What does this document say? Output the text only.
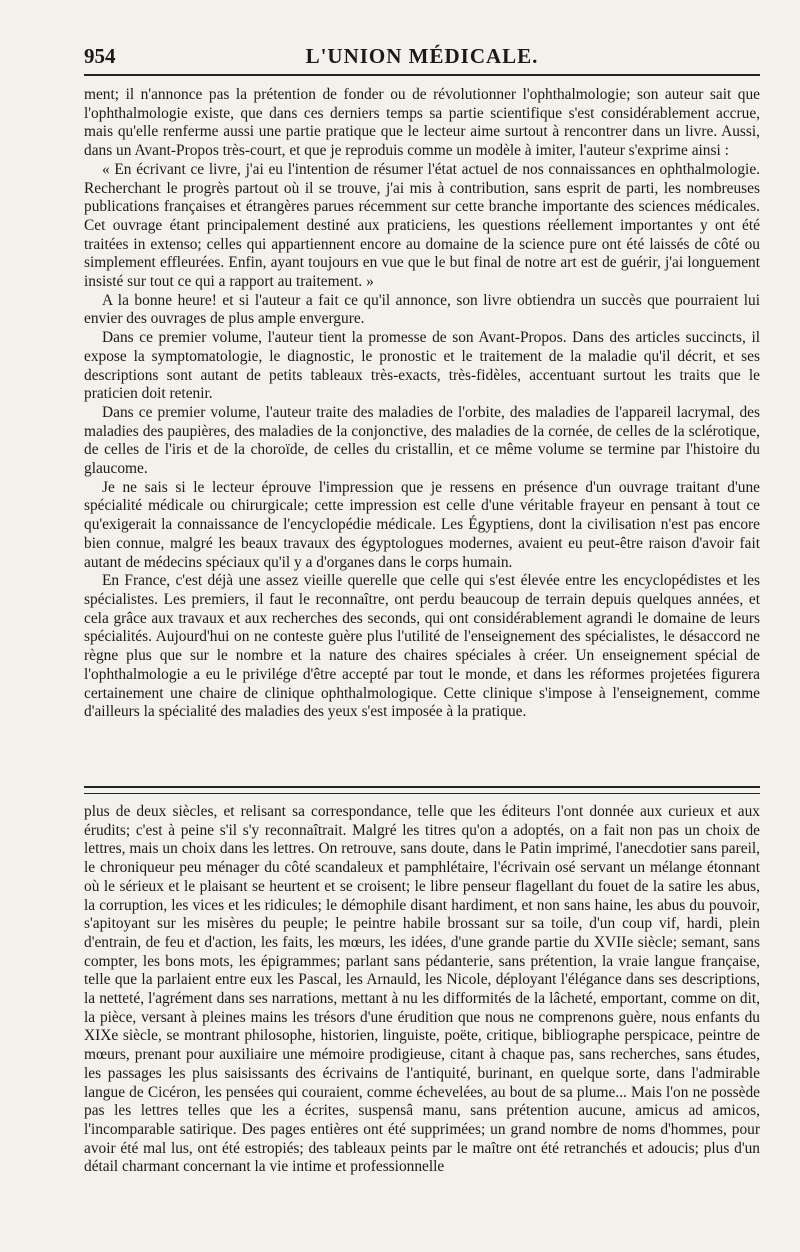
954	L'UNION MÉDICALE.

ment; il n'annonce pas la prétention de fonder ou de révolutionner l'ophthalmologie; son auteur sait que l'ophthalmologie existe, que dans ces derniers temps sa partie scientifique s'est considérablement accrue, mais qu'elle renferme aussi une partie pratique que le lecteur aime surtout à rencontrer dans un livre. Aussi, dans un Avant-Propos très-court, et que je reproduis comme un modèle à imiter, l'auteur s'exprime ainsi :

« En écrivant ce livre, j'ai eu l'intention de résumer l'état actuel de nos connaissances en ophthalmologie. Recherchant le progrès partout où il se trouve, j'ai mis à contribution, sans esprit de parti, les nombreuses publications françaises et étrangères parues récemment sur cette branche importante des sciences médicales. Cet ouvrage étant principalement destiné aux praticiens, les questions réellement importantes y ont été traitées in extenso; celles qui appartiennent encore au domaine de la science pure ont été laissés de côté ou simplement effleurées. Enfin, ayant toujours en vue que le but final de notre art est de guérir, j'ai longuement insisté sur tout ce qui a rapport au traitement. »

A la bonne heure! et si l'auteur a fait ce qu'il annonce, son livre obtiendra un succès que pourraient lui envier des ouvrages de plus ample envergure.

Dans ce premier volume, l'auteur tient la promesse de son Avant-Propos. Dans des articles succincts, il expose la symptomatologie, le diagnostic, le pronostic et le traitement de la maladie qu'il décrit, et ses descriptions sont autant de petits tableaux très-exacts, très-fidèles, accentuant surtout les traits que le praticien doit retenir.

Dans ce premier volume, l'auteur traite des maladies de l'orbite, des maladies de l'appareil lacrymal, des maladies des paupières, des maladies de la conjonctive, des maladies de la cornée, de celles de la sclérotique, de celles de l'iris et de la choroïde, de celles du cristallin, et ce même volume se termine par l'histoire du glaucome.

Je ne sais si le lecteur éprouve l'impression que je ressens en présence d'un ouvrage traitant d'une spécialité médicale ou chirurgicale; cette impression est celle d'une véritable frayeur en pensant à tout ce qu'exigerait la connaissance de l'encyclopédie médicale. Les Égyptiens, dont la civilisation n'est pas encore bien connue, malgré les beaux travaux des égyptologues modernes, avaient eu peut-être raison d'avoir fait autant de médecins spéciaux qu'il y a d'organes dans le corps humain.

En France, c'est déjà une assez vieille querelle que celle qui s'est élevée entre les encyclopédistes et les spécialistes. Les premiers, il faut le reconnaître, ont perdu beaucoup de terrain depuis quelques années, et cela grâce aux travaux et aux recherches des seconds, qui ont considérablement agrandi le domaine de leurs spécialités. Aujourd'hui on ne conteste guère plus l'utilité de l'enseignement des spécialistes, le désaccord ne règne plus que sur le nombre et la nature des chaires spéciales à créer. Un enseignement spécial de l'ophthalmologie a eu le privilége d'être accepté par tout le monde, et dans les réformes projetées figurera certainement une chaire de clinique ophthalmologique. Cette clinique s'impose à l'enseignement, comme d'ailleurs la spécialité des maladies des yeux s'est imposée à la pratique.

plus de deux siècles, et relisant sa correspondance, telle que les éditeurs l'ont donnée aux curieux et aux érudits; c'est à peine s'il s'y reconnaîtrait. Malgré les titres qu'on a adoptés, on a fait non pas un choix de lettres, mais un choix dans les lettres. On retrouve, sans doute, dans le Patin imprimé, l'anecdotier sans pareil, le chroniqueur peu ménager du côté scandaleux et pamphlétaire, l'écrivain osé servant un mélange étonnant où le sérieux et le plaisant se heurtent et se croisent; le libre penseur flagellant du fouet de la satire les abus, la corruption, les vices et les ridicules; le démophile disant hardiment, et non sans haine, les abus du pouvoir, s'apitoyant sur les misères du peuple; le peintre habile brossant sur sa toile, d'un coup vif, hardi, plein d'entrain, de feu et d'action, les faits, les mœurs, les idées, d'une grande partie du XVIIe siècle; semant, sans compter, les bons mots, les épigrammes; parlant sans pédanterie, sans prétention, la vraie langue française, telle que la parlaient entre eux les Pascal, les Arnauld, les Nicole, déployant l'élégance dans ses descriptions, la netteté, l'agrément dans ses narrations, mettant à nu les difformités de la lâcheté, emportant, comme on dit, la pièce, versant à pleines mains les trésors d'une érudition que nous ne comprenons guère, nous enfants du XIXe siècle, se montrant philosophe, historien, linguiste, poëte, critique, bibliographe perspicace, peintre de mœurs, prenant pour auxiliaire une mémoire prodigieuse, citant à chaque pas, sans recherches, sans études, les passages les plus saisissants des écrivains de l'antiquité, burinant, en quelque sorte, dans l'admirable langue de Cicéron, les pensées qui couraient, comme échevelées, au bout de sa plume... Mais l'on ne possède pas les lettres telles que les a écrites, suspensâ manu, sans prétention aucune, amicus ad amicos, l'incomparable satirique. Des pages entières ont été supprimées; un grand nombre de noms d'hommes, pour avoir été mal lus, ont été estropiés; des tableaux peints par le maître ont été retranchés et adoucis; plus d'un détail charmant concernant la vie intime et professionnelle
